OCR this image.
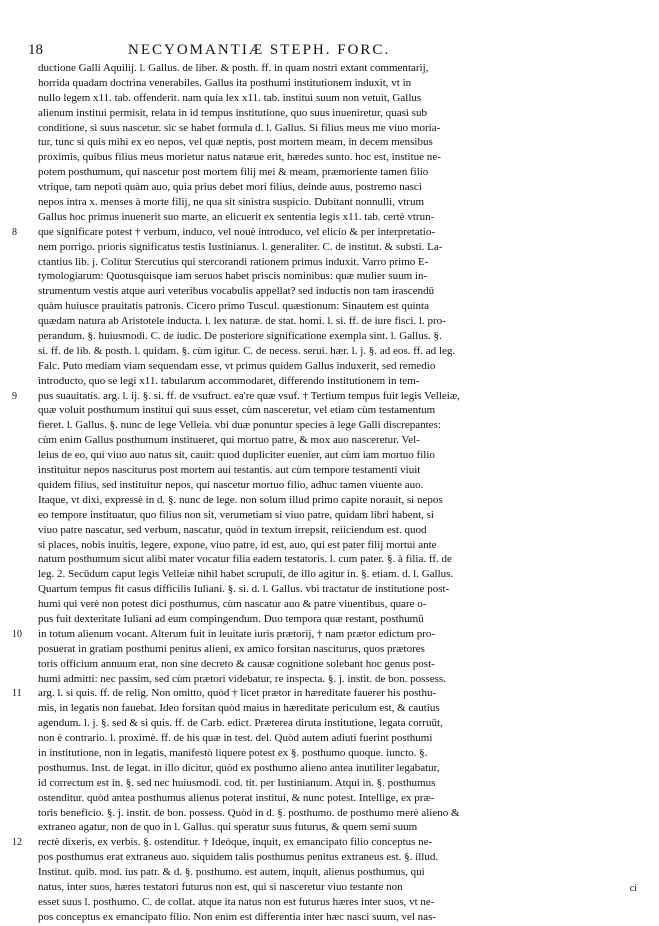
18	NECYOMANTIÆ STEPH. FORC.
ductione Galli Aquilij. l. Gallus. de liber. & posth. ff. in quam nostri extant commentarij,
horrida quadam doctrina venerabiles. Gallus ita posthumi institutionem induxit, vt in
nullo legem x11. tab. offenderit. nam quia lex x11. tab. institui suum non vetuit, Gallus
alienum institui permisit, relata in id tempus institutione, quo suus inueniretur, quasi sub
conditione, si suus nascetur. sic se habet formula d. l. Gallus. Si filius meus me viuo moria-
tur, tunc si quis mihi ex eo nepos, vel quæ neptis, post mortem meam, in decem mensibus
proximis, quibus filius meus morietur natus natæue erit, hæredes sunto. hoc est, institue ne-
potem posthumum, qui nascetur post mortem filij mei & meam, præmoriente tamen filio
vtrique, tam nepoti quàm auo, quia prius debet mori filius, deinde auus, postremo nasci
nepos intra x. menses à morte filij, ne qua sit sinistra suspicio. Dubitant nonnulli, vtrum
Gallus hoc primus inuenerit suo marte, an elicuerit ex sententia legis x11. tab. certè vtrun-
8 que significare potest † verbum, induco, vel nouè introduco, vel elicio & per interpretatio-
nem porrigo. prioris significatus testis Iustinianus. l. generaliter. C. de institut. & substi. La-
ctantius lib. j. Colitur Stercutius qui stercorandi rationem primus induxit. Varro primo E-
tymologiarum: Quotusquisque iam seruos habet priscis nominibus: quæ mulier suum in-
strumentum vestis atque auri veteribus vocabulis appellat? sed inductis non tam irascendū
quàm huiusce prauitatis patronis. Cicero primo Tuscul. quæstionum: Sinautem est quinta
quædam natura ab Aristotele inducta. l. lex naturæ. de stat. homi. l. si. ff. de iure fisci. l. pro-
perandum. §. huiusmodi. C. de iudic. De posteriore significatione exempla sint. l. Gallus. §.
si. ff. de lib. & posth. l. quidam. §. cùm igitur. C. de necess. serui. hær. l. j. §. ad eos. ff. ad leg.
Falc. Puto mediam viam sequendam esse, vt primus quidem Gallus induxerit, sed remedio
introducto, quo se legi x11. tabularum accommodaret, differendo institutionem in tem-
9 pus suauitatis. arg. l. ij. §. si. ff. de vsufruct. ea're quæ vsuf. † Tertium tempus fuit legis Velleiæ,
quæ voluit posthumum institui qui suus esset, cùm nasceretur, vel etiam cùm testamentum
fieret. l. Gallus. §. nunc de lege Velleia. vbi duæ ponuntur species à lege Galli discrepantes:
cùm enim Gallus posthumum institueret, qui mortuo patre, & mox auo nasceretur. Vel-
leius de eo, qui viuo auo natus sit, cauit: quod dupliciter euenier, aut cùm iam mortuo filio
instituitur nepos nasciturus post mortem aui testantis. aut cùm tempore testamenti viuit
quidem filius, sed instituitur nepos, qui nascetur mortuo filio, adhuc tamen viuente auo.
Itaque, vt dixi, expressè in d. §. nunc de lege. non solum illud primo capite norauit, si nepos
eo tempore instituatur, quo filius non sit, verumetiam si viuo patre, quidam libri habent, si
viuo patre nascatur, sed verbum, nascatur, quòd in textum irrepsit, reiiciendum est. quod
si places, nobis inuitis, legere, expone, viuo patre, id est, auo, qui est pater filij mortui ante
natum posthumum sicut alibi mater vocatur filia eadem testatoris. l. cum pater. §. à filia. ff. de
leg. 2. Secūdum caput legis Velleiæ nihil habet scrupuli, de illo agitur in. §. etiam. d. l. Gallus.
Quartum tempus fit casus difficilis Iuliani. §. si. d. l. Gallus. vbi tractatur de institutione post-
humi qui verè non potest dici posthumus, cùm nascatur auo & patre viuentibus, quare o-
pus fuit dexteritate Iuliani ad eum compingendum. Duo tempora quæ restant, posthumū
10 in totum alienum vocant. Alterum fuit in leuitate iuris prætorij, † nam prætor edictum pro-
posuerat in gratiam posthumi penitus alieni, ex amico forsitan nasciturus, quos prætores
toris officium annuum erat, non sine decreto & causæ cognitione solebant hoc genus post-
humi admitti: nec passim, sed cùm prætori videbatur, re inspecta. §. j. instit. de bon. possess.
11 arg. l. si quis. ff. de relig. Non omitto, quòd † licet prætor in hæreditate fauerer his posthu-
mis, in legatis non fauebat. Ideo forsitan quòd maius in hæreditate periculum est, & cautius
agendum. l. j. §. sed & si quis. ff. de Carb. edict. Præterea diruta institutione, legata corruūt,
non è contrario. l. proximè. ff. de his quæ in test. del. Quòd autem adiuti fuerint posthumi
in institutione, non in legatis, manifestò liquere potest ex §. posthumo quoque. iuncto. §.
posthumus. Inst. de legat. in illo dicitur, quòd ex posthumo alieno antea inutiliter legabatur,
id correctum est in. §. sed nec huiusmodi. cod. tit. per Iustinianum. Atqui in. §. posthumus
ostenditur. quòd antea posthumus alienus poterat institui, & nunc potest. Intellige, ex præ-
toris beneficio. §. j. instit. de bon. possess. Quòd in d. §. posthumo. de posthumo merè alieno &
extraneo agatur, non de quo in l. Gallus. qui speratur suus futurus, & quem semi suum
12 rectè dixeris, ex verbis. §. ostenditur. † Ideóque, inquit, ex emancipato filio conceptus ne-
pos posthumus erat extraneus auo. siquidem talis posthumus penitus extraneus est. §. illud.
Institut. quib. mod. ius patr. & d. §. posthumo. est autem, inquit, alienus posthumus, qui
natus, inter suos, hæres testatori futurus non est, qui si nasceretur viuo testante non
esset suus l. posthumo. C. de collat. atque ita natus non est futurus hæres inter suos, vt ne-
pos conceptus ex emancipato filio. Non enim est differentia inter hæc nasci suum, vel nas-
ci
